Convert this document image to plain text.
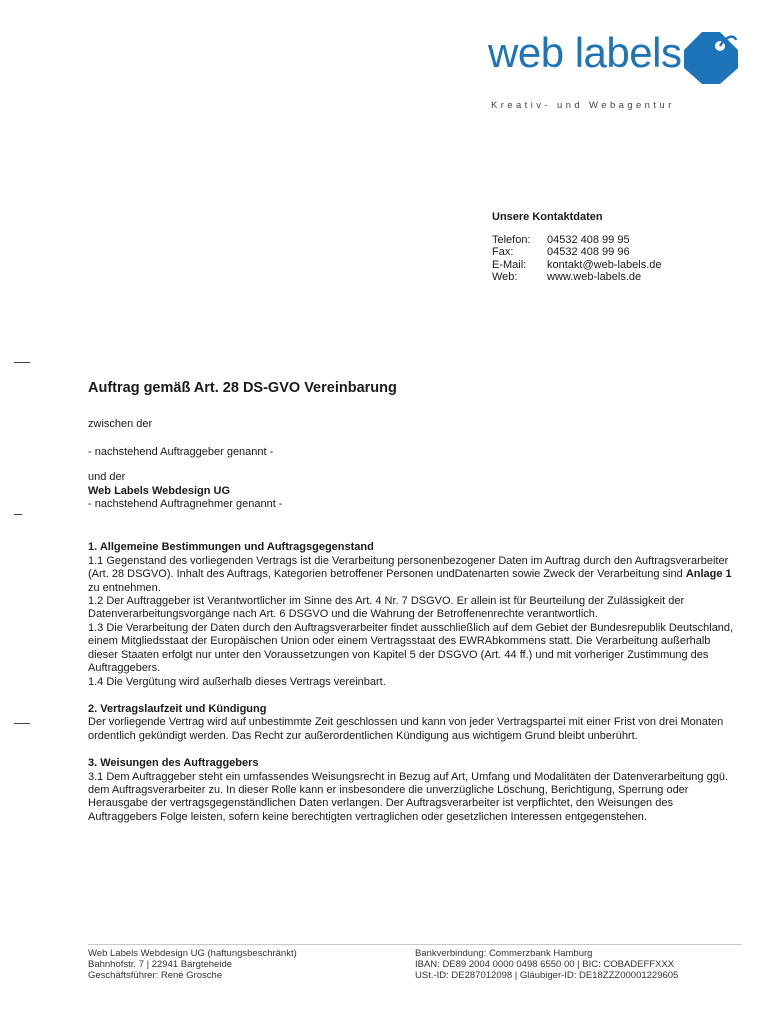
web labels
Kreativ- und Webagentur
Unsere Kontaktdaten
Telefon:	04532 408 99 95
Fax:	04532 408 99 96
E-Mail:	kontakt@web-labels.de
Web:	www.web-labels.de
Auftrag gemäß Art. 28 DS-GVO Vereinbarung

zwischen der

- nachstehend Auftraggeber genannt -

und der

Web Labels Webdesign UG

- nachstehend Auftragnehmer genannt -

1. Allgemeine Bestimmungen und Auftragsgegenstand

1.1 Gegenstand des vorliegenden Vertrags ist die Verarbeitung personenbezogener Daten im Auftrag durch den Auftragsverarbeiter (Art. 28 DSGVO). Inhalt des Auftrags, Kategorien betroffener Personen undDatenarten sowie Zweck der Verarbeitung sind Anlage 1 zu entnehmen.

1.2 Der Auftraggeber ist Verantwortlicher im Sinne des Art. 4 Nr. 7 DSGVO. Er allein ist für Beurteilung der Zulässigkeit der Datenverarbeitungsvorgänge nach Art. 6 DSGVO und die Wahrung der Betroffenenrechte verantwortlich.

1.3 Die Verarbeitung der Daten durch den Auftragsverarbeiter findet ausschließlich auf dem Gebiet der Bundesrepublik Deutschland, einem Mitgliedsstaat der Europäischen Union oder einem Vertragsstaat des EWRAbkommens statt. Die Verarbeitung außerhalb dieser Staaten erfolgt nur unter den Voraussetzungen von Kapitel 5 der DSGVO (Art. 44 ff.) und mit vorheriger Zustimmung des Auftraggebers.

1.4 Die Vergütung wird außerhalb dieses Vertrags vereinbart.

2. Vertragslaufzeit und Kündigung

Der vorliegende Vertrag wird auf unbestimmte Zeit geschlossen und kann von jeder Vertragspartei mit einer Frist von drei Monaten ordentlich gekündigt werden. Das Recht zur außerordentlichen Kündigung aus wichtigem Grund bleibt unberührt.

3. Weisungen des Auftraggebers

3.1 Dem Auftraggeber steht ein umfassendes Weisungsrecht in Bezug auf Art, Umfang und Modalitäten der Datenverarbeitung ggü. dem Auftragsverarbeiter zu. In dieser Rolle kann er insbesondere die unverzügliche Löschung, Berichtigung, Sperrung oder Herausgabe der vertragsgegenständlichen Daten verlangen. Der Auftragsverarbeiter ist verpflichtet, den Weisungen des Auftraggebers Folge leisten, sofern keine berechtigten vertraglichen oder gesetzlichen Interessen entgegenstehen.

Web Labels Webdesign UG (haftungsbeschränkt)
Bahnhofstr. 7 | 22941 Bargteheide
Geschäftsführer: René Grosche
Bankverbindung: Commerzbank Hamburg
IBAN: DE89 2004 0000 0498 6550 00 | BIC: COBADEFFXXX
USt.-ID: DE287012098 | Gläubiger-ID: DE18ZZZ00001229605
